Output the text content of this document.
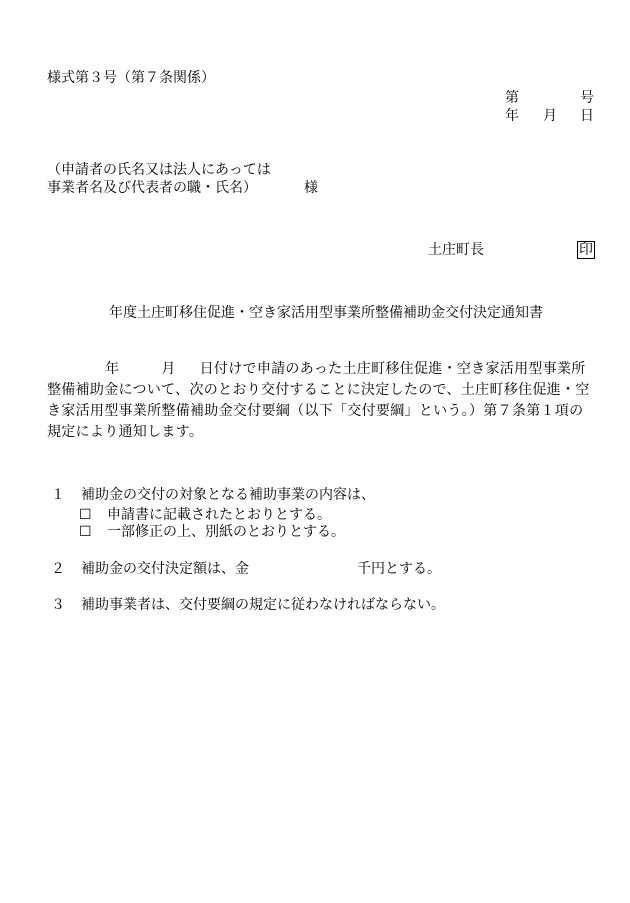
様式第３号（第７条関係）
第	号
年 月 日
（申請者の氏名又は法人にあっては
事業者名及び代表者の職・氏名）	様
土庄町長	印
年度土庄町移住促進・空き家活用型事業所整備補助金交付決定通知書
年	月 日付けで申請のあった土庄町移住促進・空き家活用型事業所整備補助金について、次のとおり交付することに決定したので、土庄町移住促進・空き家活用型事業所整備補助金交付要綱（以下「交付要綱」という。）第７条第１項の規定により通知します。
１ 補助金の交付の対象となる補助事業の内容は、
☐ 申請書に記載されたとおりとする。
☐ 一部修正の上、別紙のとおりとする。
２ 補助金の交付決定額は、金	千円とする。
３ 補助事業者は、交付要綱の規定に従わなければならない。
